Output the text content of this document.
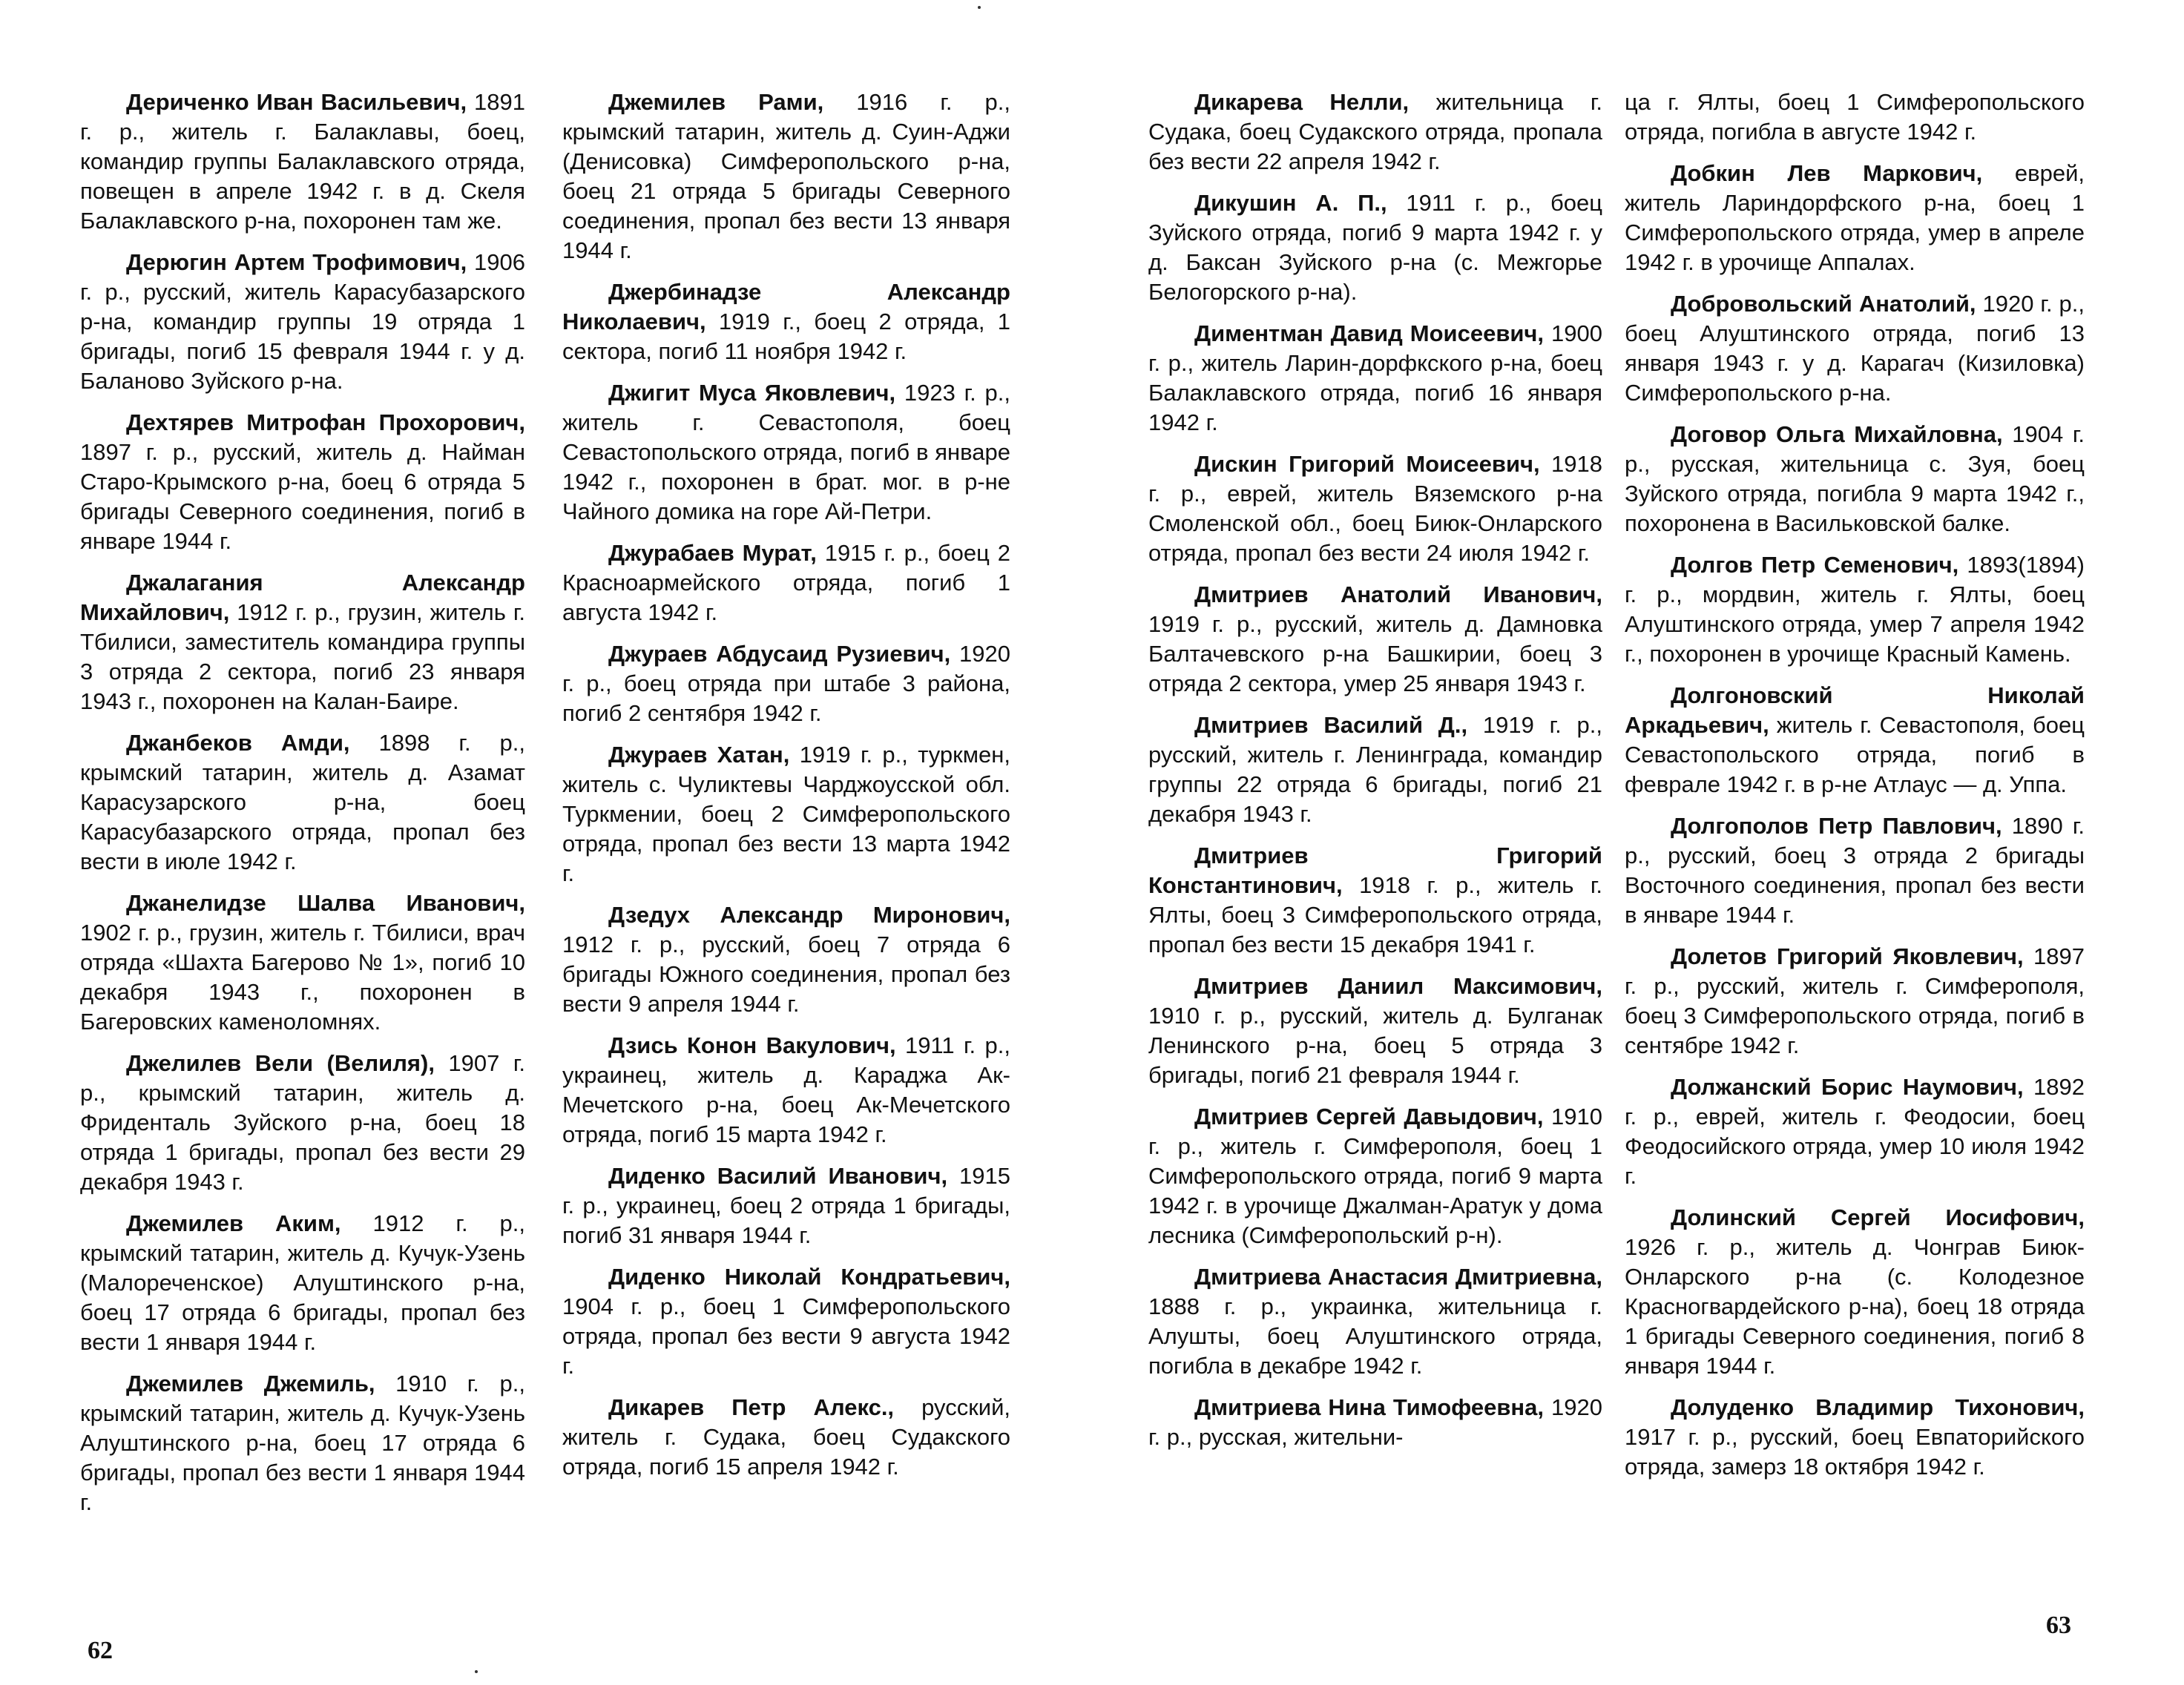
Дериченко Иван Васильевич, 1891 г. р., житель г. Балаклавы, боец, командир группы Балаклавского отряда, повещен в апреле 1942 г. в д. Скеля Балаклавского р-на, похоронен там же.

Дерюгин Артем Трофимович, 1906 г. р., русский, житель Карасубазарского р-на, командир группы 19 отряда 1 бригады, погиб 15 февраля 1944 г. у д. Баланово Зуйского р-на.

Дехтярев Митрофан Прохорович, 1897 г. р., русский, житель д. Найман Старо-Крымского р-на, боец 6 отряда 5 бригады Северного соединения, погиб в январе 1944 г.

Джалагания Александр Михайлович, 1912 г. р., грузин, житель г. Тбилиси, заместитель командира группы 3 отряда 2 сектора, погиб 23 января 1943 г., похоронен на Калан-Баире.

Джанбеков Амди, 1898 г. р., крымский татарин, житель д. Азамат Карасузарского р-на, боец Карасубазарского отряда, пропал без вести в июле 1942 г.

Джанелидзе Шалва Иванович, 1902 г. р., грузин, житель г. Тбилиси, врач отряда «Шахта Багерово № 1», погиб 10 декабря 1943 г., похоронен в Багеровских каменоломнях.

Джелилев Вели (Велиля), 1907 г. р., крымский татарин, житель д. Фриденталь Зуйского р-на, боец 18 отряда 1 бригады, пропал без вести 29 декабря 1943 г.

Джемилев Аким, 1912 г. р., крымский татарин, житель д. Кучук-Узень (Малореченское) Алуштинского р-на, боец 17 отряда 6 бригады, пропал без вести 1 января 1944 г.

Джемилев Джемиль, 1910 г. р., крымский татарин, житель д. Кучук-Узень Алуштинского р-на, боец 17 отряда 6 бригады, пропал без вести 1 января 1944 г.

Джемилев Рами, 1916 г. р., крымский татарин, житель д. Суин-Аджи (Денисовка) Симферопольского р-на, боец 21 отряда 5 бригады Северного соединения, пропал без вести 13 января 1944 г.

Джербинадзе Александр Николаевич, 1919 г., боец 2 отряда, 1 сектора, погиб 11 ноября 1942 г.

Джигит Муса Яковлевич, 1923 г. р., житель г. Севастополя, боец Севастопольского отряда, погиб в январе 1942 г., похоронен в брат. мог. в р-не Чайного домика на горе Ай-Петри.

Джурабаев Мурат, 1915 г. р., боец 2 Красноармейского отряда, погиб 1 августа 1942 г.

Джураев Абдусаид Рузиевич, 1920 г. р., боец отряда при штабе 3 района, погиб 2 сентября 1942 г.

Джураев Хатан, 1919 г. р., туркмен, житель с. Чуликтевы Чарджоусской обл. Туркмении, боец 2 Симферопольского отряда, пропал без вести 13 марта 1942 г.

Дзедух Александр Миронович, 1912 г. р., русский, боец 7 отряда 6 бригады Южного соединения, пропал без вести 9 апреля 1944 г.

Дзись Конон Вакулович, 1911 г. р., украинец, житель д. Караджа Ак-Мечетского р-на, боец Ак-Мечетского отряда, погиб 15 марта 1942 г.

Диденко Василий Иванович, 1915 г. р., украинец, боец 2 отряда 1 бригады, погиб 31 января 1944 г.

Диденко Николай Кондратьевич, 1904 г. р., боец 1 Симферопольского отряда, пропал без вести 9 августа 1942 г.

Дикарев Петр Алекс., русский, житель г. Судака, боец Судакского отряда, погиб 15 апреля 1942 г.

Дикарева Нелли, жительница г. Судака, боец Судакского отряда, пропала без вести 22 апреля 1942 г.

Дикушин А. П., 1911 г. р., боец Зуйского отряда, погиб 9 марта 1942 г. у д. Баксан Зуйского р-на (с. Межгорье Белогорского р-на).

Диментман Давид Моисеевич, 1900 г. р., житель Ларин-дорфкского р-на, боец Балаклавского отряда, погиб 16 января 1942 г.

Дискин Григорий Моисеевич, 1918 г. р., еврей, житель Вяземского р-на Смоленской обл., боец Биюк-Онларского отряда, пропал без вести 24 июля 1942 г.

Дмитриев Анатолий Иванович, 1919 г. р., русский, житель д. Дамновка Балтачевского р-на Башкирии, боец 3 отряда 2 сектора, умер 25 января 1943 г.

Дмитриев Василий Д., 1919 г. р., русский, житель г. Ленинграда, командир группы 22 отряда 6 бригады, погиб 21 декабря 1943 г.

Дмитриев Григорий Константинович, 1918 г. р., житель г. Ялты, боец 3 Симферопольского отряда, пропал без вести 15 декабря 1941 г.

Дмитриев Даниил Максимович, 1910 г. р., русский, житель д. Булганак Ленинского р-на, боец 5 отряда 3 бригады, погиб 21 февраля 1944 г.

Дмитриев Сергей Давыдович, 1910 г. р., житель г. Симферополя, боец 1 Симферопольского отряда, погиб 9 марта 1942 г. в урочище Джалман-Аратук у дома лесника (Симферопольский р-н).

Дмитриева Анастасия Дмитриевна, 1888 г. р., украинка, жительница г. Алушты, боец Алуштинского отряда, погибла в декабре 1942 г.

Дмитриева Нина Тимофеевна, 1920 г. р., русская, жительни-

ца г. Ялты, боец 1 Симферопольского отряда, погибла в августе 1942 г.

Добкин Лев Маркович, еврей, житель Лариндорфского р-на, боец 1 Симферопольского отряда, умер в апреле 1942 г. в урочище Аппалах.

Добровольский Анатолий, 1920 г. р., боец Алуштинского отряда, погиб 13 января 1943 г. у д. Карагач (Кизиловка) Симферопольского р-на.

Договор Ольга Михайловна, 1904 г. р., русская, жительница с. Зуя, боец Зуйского отряда, погибла 9 марта 1942 г., похоронена в Васильковской балке.

Долгов Петр Семенович, 1893(1894) г. р., мордвин, житель г. Ялты, боец Алуштинского отряда, умер 7 апреля 1942 г., похоронен в урочище Красный Камень.

Долгоновский Николай Аркадьевич, житель г. Севастополя, боец Севастопольского отряда, погиб в феврале 1942 г. в р-не Атлаус — д. Уппа.

Долгополов Петр Павлович, 1890 г. р., русский, боец 3 отряда 2 бригады Восточного соединения, пропал без вести в январе 1944 г.

Долетов Григорий Яковлевич, 1897 г. р., русский, житель г. Симферополя, боец 3 Симферопольского отряда, погиб в сентябре 1942 г.

Должанский Борис Наумович, 1892 г. р., еврей, житель г. Феодосии, боец Феодосийского отряда, умер 10 июля 1942 г.

Долинский Сергей Иосифович, 1926 г. р., житель д. Чонграв Биюк-Онларского р-на (с. Колодезное Красногвардейского р-на), боец 18 отряда 1 бригады Северного соединения, погиб 8 января 1944 г.

Долуденко Владимир Тихонович, 1917 г. р., русский, боец Евпаторийского отряда, замерз 18 октября 1942 г.

62
63
